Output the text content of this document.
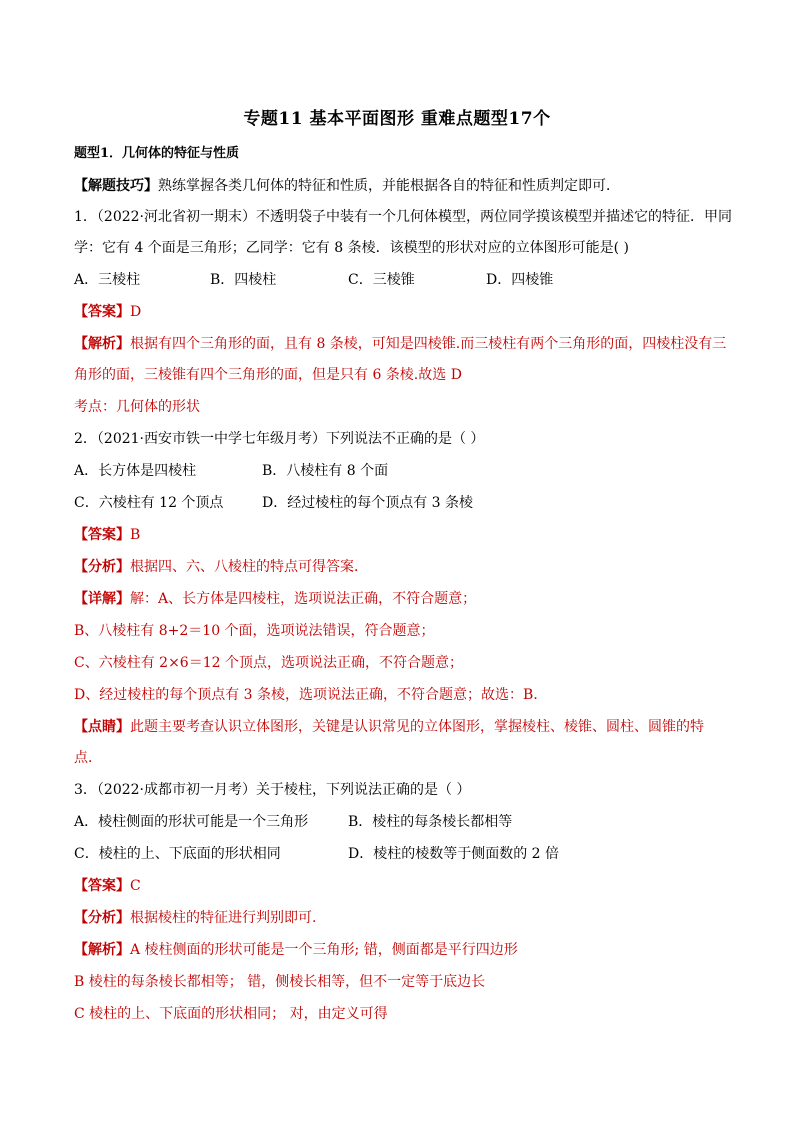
专题11 基本平面图形 重难点题型17个
题型1．几何体的特征与性质
【解题技巧】熟练掌握各类几何体的特征和性质，并能根据各自的特征和性质判定即可．
1．（2022·河北省初一期末）不透明袋子中装有一个几何体模型，两位同学摸该模型并描述它的特征．甲同
学：它有 4 个面是三角形；乙同学：它有 8 条棱．该模型的形状对应的立体图形可能是( )
A．三棱柱	B．四棱柱	C．三棱锥	D．四棱锥
【答案】D
【解析】根据有四个三角形的面，且有 8 条棱，可知是四棱锥.而三棱柱有两个三角形的面，四棱柱没有三
角形的面，三棱锥有四个三角形的面，但是只有 6 条棱.故选 D
考点：几何体的形状
2．（2021·西安市铁一中学七年级月考）下列说法不正确的是（ ）
A．长方体是四棱柱	B．八棱柱有 8 个面
C．六棱柱有 12 个顶点	D．经过棱柱的每个顶点有 3 条棱
【答案】B
【分析】根据四、六、八棱柱的特点可得答案．
【详解】解：A、长方体是四棱柱，选项说法正确，不符合题意；
B、八棱柱有 8+2＝10 个面，选项说法错误，符合题意；
C、六棱柱有 2×6＝12 个顶点，选项说法正确，不符合题意；
D、经过棱柱的每个顶点有 3 条棱，选项说法正确，不符合题意；故选：B．
【点睛】此题主要考查认识立体图形，关键是认识常见的立体图形，掌握棱柱、棱锥、圆柱、圆锥的特
点．
3．（2022·成都市初一月考）关于棱柱，下列说法正确的是（ ）
A．棱柱侧面的形状可能是一个三角形	B．棱柱的每条棱长都相等
C．棱柱的上、下底面的形状相同	D．棱柱的棱数等于侧面数的 2 倍
【答案】C
【分析】根据棱柱的特征进行判别即可.
【解析】A 棱柱侧面的形状可能是一个三角形; 错，侧面都是平行四边形
B 棱柱的每条棱长都相等； 错，侧棱长相等，但不一定等于底边长
C 棱柱的上、下底面的形状相同； 对，由定义可得
